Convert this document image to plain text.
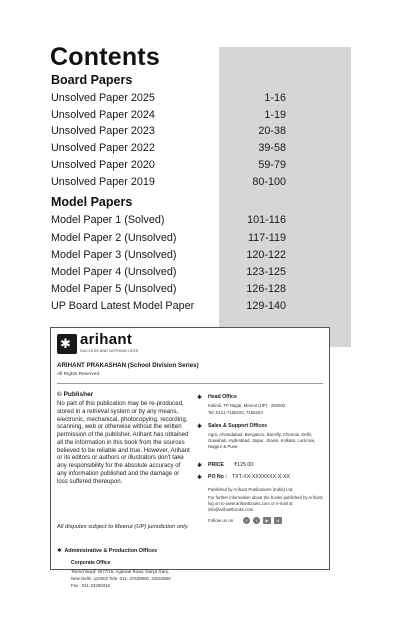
Contents
Board Papers
Unsolved Paper 2025	1-16
Unsolved Paper 2024	1-19
Unsolved Paper 2023	20-38
Unsolved Paper 2022	39-58
Unsolved Paper 2020	59-79
Unsolved Paper 2019	80-100
Model Papers
Model Paper 1 (Solved)	101-116
Model Paper 2 (Unsolved)	117-119
Model Paper 3 (Unsolved)	120-122
Model Paper 4 (Unsolved)	123-125
Model Paper 5 (Unsolved)	126-128
UP Board Latest Model Paper	129-140
✱ arihant
SUCCESS AND NOTHING LESS
ARIHANT PRAKASHAN (School Division Series)
All Rights Reserved
© Publisher
No part of this publication may be re-produced, stored in a retrieval system or by any means, electronic, mechanical, photocopying, recording, scanning, web or otherwise without the written permission of the publisher. Arihant has obtained all the information in this book from the sources believed to be reliable and true. However, Arihant or its editors or authors or illustrators don't take any responsibility for the absolute accuracy of any information published and the damage or loss suffered thereupon.
All disputes subject to Meerut (UP) jurisdiction only.
✱  Administrative & Production Offices
Corporate Office
'Ramchhaya' 4577/15, Agarwal Road, Darya Ganj,
New Delhi -110002 Tele: 011- 47630600, 43518550
Fax : 011-23280316
✱ Head Office
Kalindi, TP Nagar, Meerut (UP) - 250002
Tel: 0121-7156203, 7156204
✱ Sales & Support Offices
Agra, Ahmedabad, Bengaluru, Bareilly, Chennai, Delhi, Guwahati, Hyderabad, Jaipur, Jhansi, Kolkata, Lucknow, Nagpur & Pune.
✱ PRICE ₹125.00
✱ PO No : TXT-XX-XXXXXXX-X-XX
Published by Arihant Publications (India) Ltd.
For further information about the books published by Arihant, log on to www.arihantbooks.com or e-mail at info@arihantbooks.com
Follow us on	f	t	▶	◘
